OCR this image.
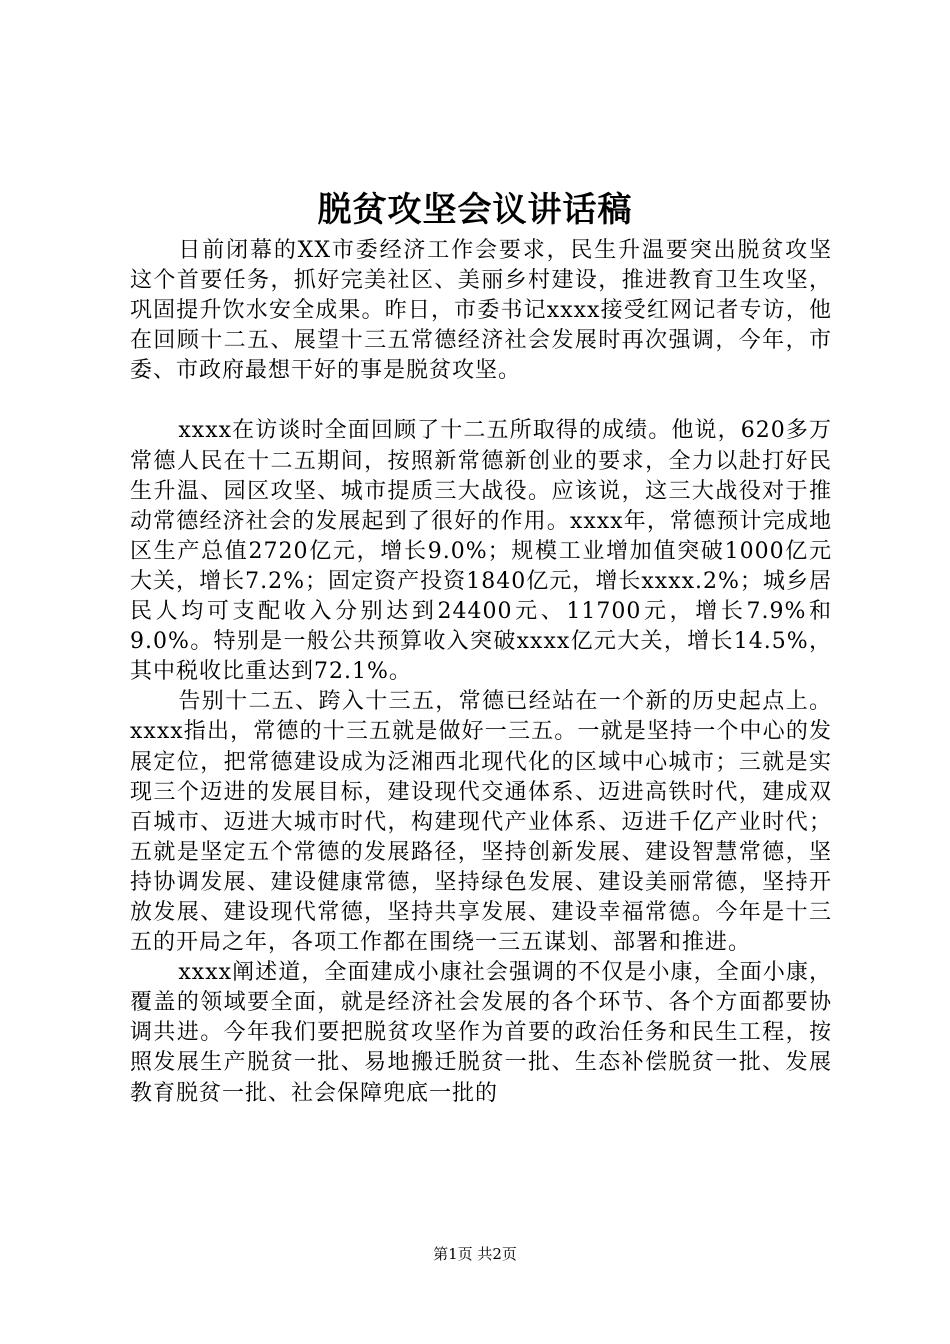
脱贫攻坚会议讲话稿

日前闭幕的XX市委经济工作会要求，民生升温要突出脱贫攻坚这个首要任务，抓好完美社区、美丽乡村建设，推进教育卫生攻坚，巩固提升饮水安全成果。昨日，市委书记xxxx接受红网记者专访，他在回顾十二五、展望十三五常德经济社会发展时再次强调，今年，市委、市政府最想干好的事是脱贫攻坚。

xxxx在访谈时全面回顾了十二五所取得的成绩。他说，620多万常德人民在十二五期间，按照新常德新创业的要求，全力以赴打好民生升温、园区攻坚、城市提质三大战役。应该说，这三大战役对于推动常德经济社会的发展起到了很好的作用。xxxx年，常德预计完成地区生产总值2720亿元，增长9.0%；规模工业增加值突破1000亿元大关，增长7.2%；固定资产投资1840亿元，增长xxxx.2%；城乡居民人均可支配收入分别达到24400元、11700元，增长7.9%和9.0%。特别是一般公共预算收入突破xxxx亿元大关，增长14.5%，其中税收比重达到72.1%。

告别十二五、跨入十三五，常德已经站在一个新的历史起点上。xxxx指出，常德的十三五就是做好一三五。一就是坚持一个中心的发展定位，把常德建设成为泛湘西北现代化的区域中心城市；三就是实现三个迈进的发展目标，建设现代交通体系、迈进高铁时代，建成双百城市、迈进大城市时代，构建现代产业体系、迈进千亿产业时代；五就是坚定五个常德的发展路径，坚持创新发展、建设智慧常德，坚持协调发展、建设健康常德，坚持绿色发展、建设美丽常德，坚持开放发展、建设现代常德，坚持共享发展、建设幸福常德。今年是十三五的开局之年，各项工作都在围绕一三五谋划、部署和推进。

xxxx阐述道，全面建成小康社会强调的不仅是小康，全面小康，覆盖的领域要全面，就是经济社会发展的各个环节、各个方面都要协调共进。今年我们要把脱贫攻坚作为首要的政治任务和民生工程，按照发展生产脱贫一批、易地搬迁脱贫一批、生态补偿脱贫一批、发展教育脱贫一批、社会保障兜底一批的

第1页 共2页
